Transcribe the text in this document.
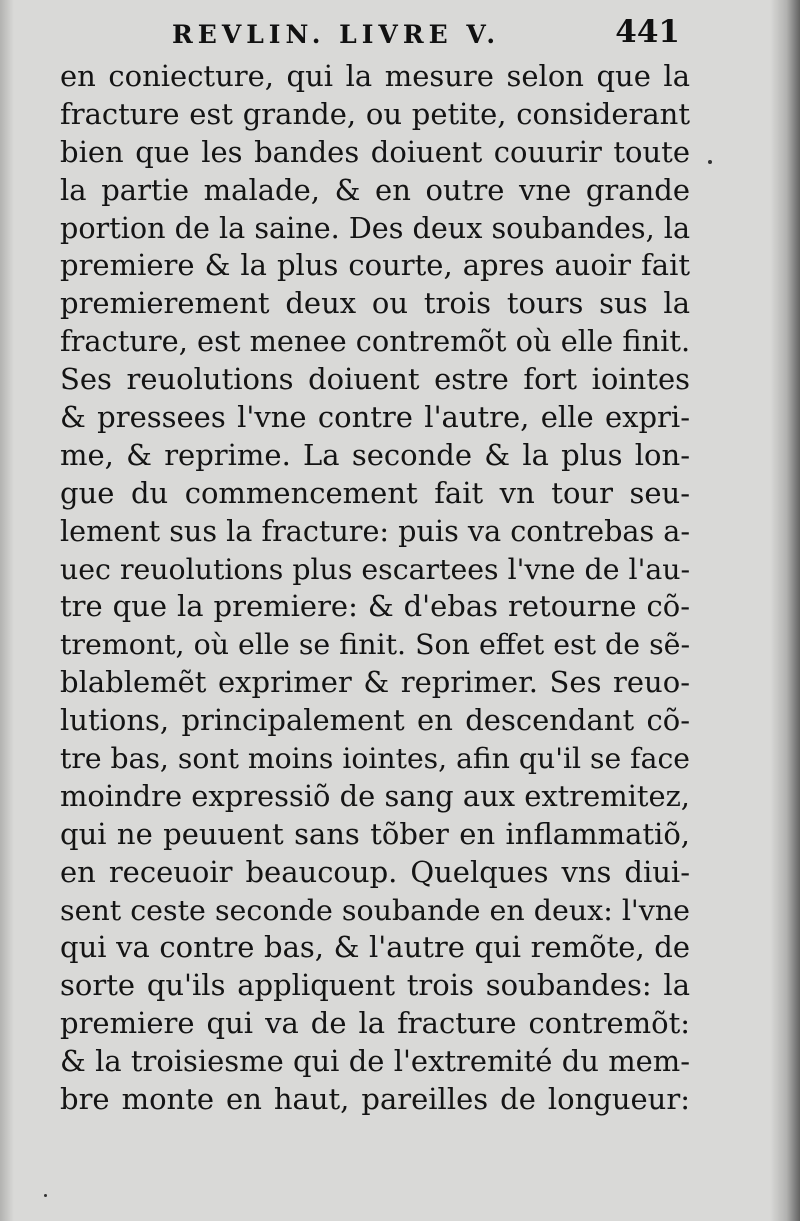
REVLIN. LIVRE V.	441
en coniecture, qui la mesure selon que la
fracture est grande, ou petite, considerant
bien que les bandes doiuent couurir toute
la partie malade, & en outre vne grande
portion de la saine. Des deux soubandes, la
premiere & la plus courte, apres auoir fait
premierement deux ou trois tours sus la
fracture, est menee contremõt où elle finit.
Ses reuolutions doiuent estre fort iointes
& pressees l'vne contre l'autre, elle expri-
me, & reprime. La seconde & la plus lon-
gue du commencement fait vn tour seu-
lement sus la fracture: puis va contrebas a-
uec reuolutions plus escartees l'vne de l'au-
tre que la premiere: & d'ebas retourne cõ-
tremont, où elle se finit. Son effet est de sẽ-
blablemẽt exprimer & reprimer. Ses reuo-
lutions, principalement en descendant cõ-
tre bas, sont moins iointes, afin qu'il se face
moindre expressiõ de sang aux extremitez,
qui ne peuuent sans tõber en inflammatiõ,
en receuoir beaucoup. Quelques vns diui-
sent ceste seconde soubande en deux: l'vne
qui va contre bas, & l'autre qui remõte, de
sorte qu'ils appliquent trois soubandes: la
premiere qui va de la fracture contremõt:
& la troisiesme qui de l'extremité du mem-
bre monte en haut, pareilles de longueur:
